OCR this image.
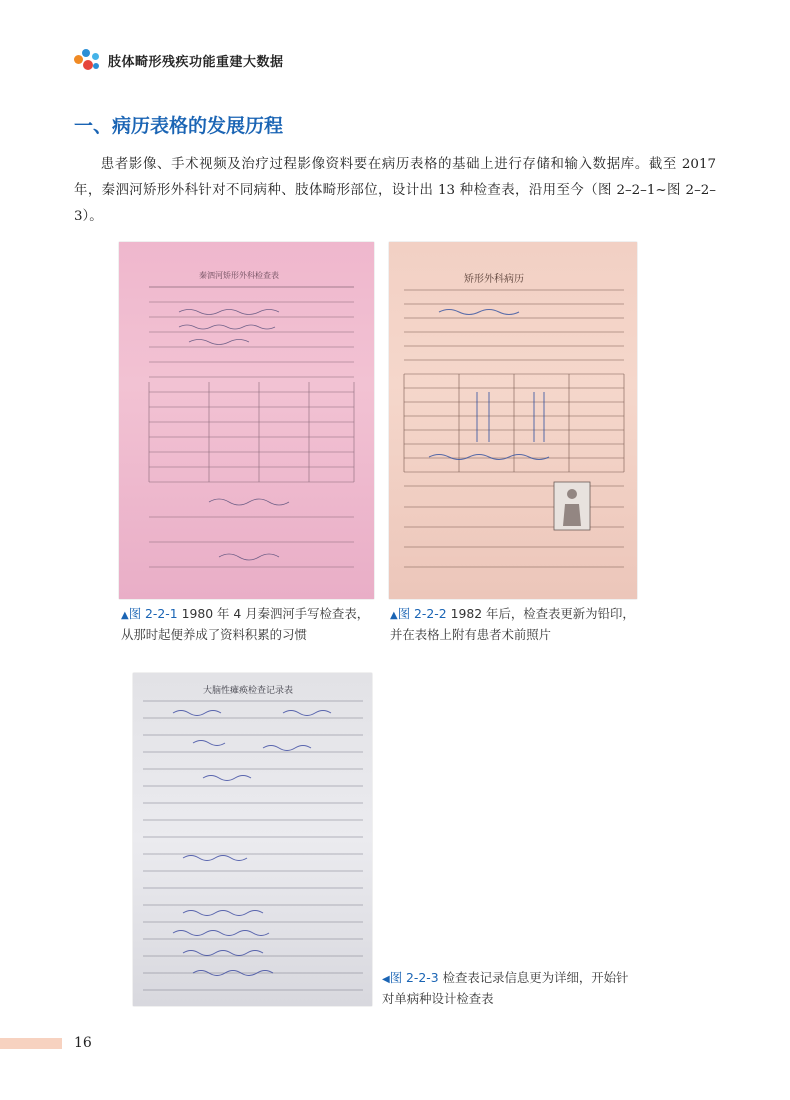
肢体畸形残疾功能重建大数据
一、病历表格的发展历程
患者影像、手术视频及治疗过程影像资料要在病历表格的基础上进行存储和输入数据库。截至 2017 年，秦泗河矫形外科针对不同病种、肢体畸形部位，设计出 13 种检查表，沿用至今（图 2–2–1~图 2–2–3）。
秦泗河矫形外科检查表	矫形外科病历
大脑性瘫痪检查记录表
▲图 2-2-1 1980 年 4 月秦泗河手写检查表，从那时起便养成了资料积累的习惯
▲图 2-2-2 1982 年后，检查表更新为铅印，并在表格上附有患者术前照片
◀图 2-2-3 检查表记录信息更为详细，开始针对单病种设计检查表
16
